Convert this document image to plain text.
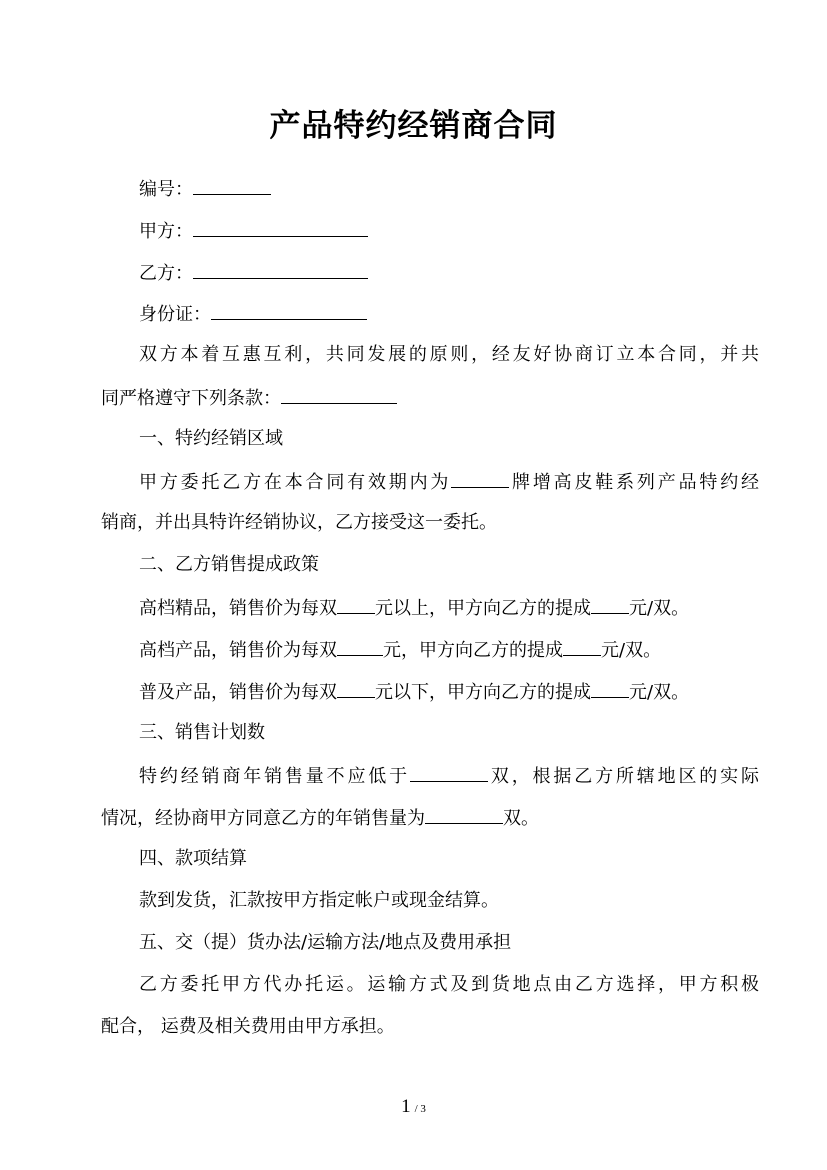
产品特约经销商合同
编号：
甲方：
乙方：
身份证：
双方本着互惠互利，共同发展的原则，经友好协商订立本合同，并共
同严格遵守下列条款：
一、特约经销区域
甲方委托乙方在本合同有效期内为	牌增高皮鞋系列产品特约经
销商，并出具特许经销协议，乙方接受这一委托。
二、乙方销售提成政策
高档精品，销售价为每双 元以上，甲方向乙方的提成 元/双。
高档产品，销售价为每双	元，甲方向乙方的提成 元/双。
普及产品，销售价为每双 元以下，甲方向乙方的提成 元/双。
三、销售计划数
特约经销商年销售量不应低于	双，根据乙方所辖地区的实际
情况，经协商甲方同意乙方的年销售量为	双。
四、款项结算
款到发货，汇款按甲方指定帐户或现金结算。
五、交（提）货办法/运输方法/地点及费用承担
乙方委托甲方代办托运。运输方式及到货地点由乙方选择，甲方积极
配合， 运费及相关费用由甲方承担。
1 / 3
